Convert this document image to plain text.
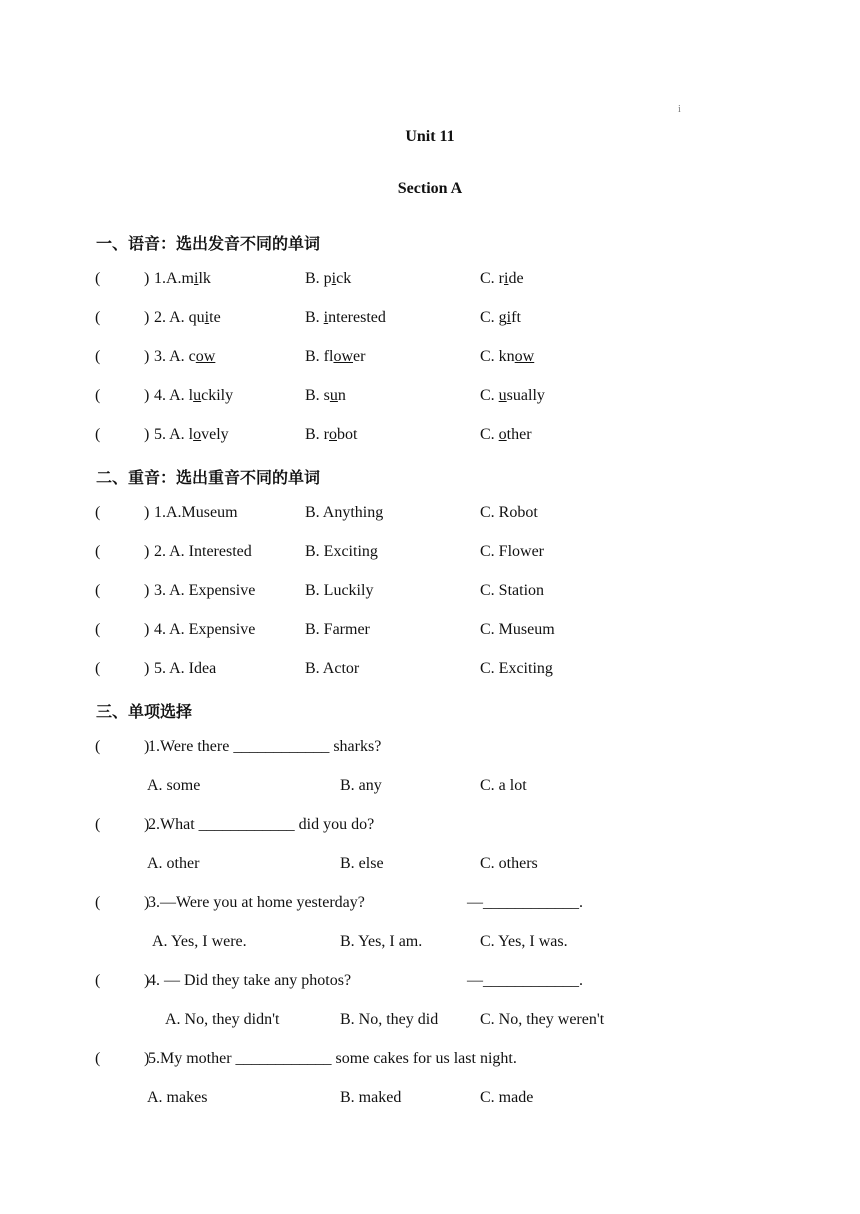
i
Unit 11
Section A
一、语音：选出发音不同的单词
(	) 1.A.milk	B. pick	C. ride
(	) 2. A. quite	B. interested	C. gift
(	) 3. A. cow	B. flower	C. know
(	) 4. A. luckily	B. sun	C. usually
(	) 5. A. lovely	B. robot	C. other
二、重音：选出重音不同的单词
(	) 1.A.Museum	B. Anything	C. Robot
(	) 2. A. Interested	B. Exciting	C. Flower
(	) 3. A. Expensive	B. Luckily	C. Station
(	) 4. A. Expensive	B. Farmer	C. Museum
(	) 5. A. Idea	B. Actor	C. Exciting
三、单项选择
(	)
1.Were there ____________ sharks?
A. some	B. any	C. a lot
(	)
2.What ____________ did you do?
A. other	B. else	C. others
(	)
3.—Were you at home yesterday?	—____________.
A. Yes, I were.	B. Yes, I am.	C. Yes, I was.
(	)
4. — Did they take any photos?	—____________.
A. No, they didn't	B. No, they did	C. No, they weren't
(	)
5.My mother ____________ some cakes for us last night.
A. makes	B. maked	C. made
